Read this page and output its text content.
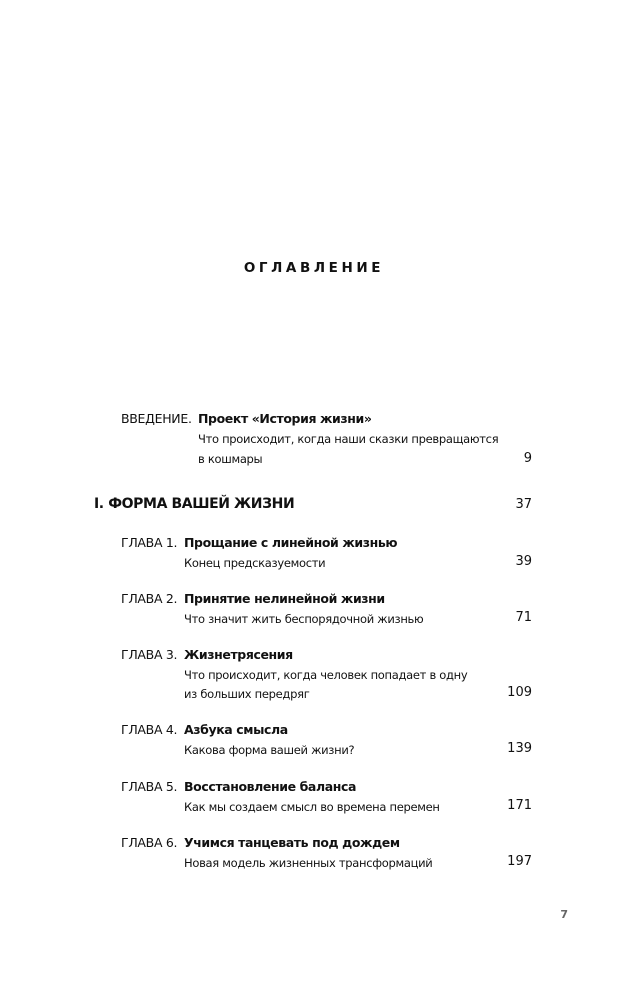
ОГЛАВЛЕНИЕ
ВВЕДЕНИЕ. Проект «История жизни»
Что происходит, когда наши сказки превращаются
в кошмары	9
I. ФОРМА ВАШЕЙ ЖИЗНИ	37
ГЛАВА 1. Прощание с линейной жизнью
Конец предсказуемости	39
ГЛАВА 2. Принятие нелинейной жизни
Что значит жить беспорядочной жизнью	71
ГЛАВА 3. Жизнетрясения
Что происходит, когда человек попадает в одну
из больших передряг	109
ГЛАВА 4. Азбука смысла
Какова форма вашей жизни?	139
ГЛАВА 5. Восстановление баланса
Как мы создаем смысл во времена перемен	171
ГЛАВА 6. Учимся танцевать под дождем
Новая модель жизненных трансформаций	197
7
